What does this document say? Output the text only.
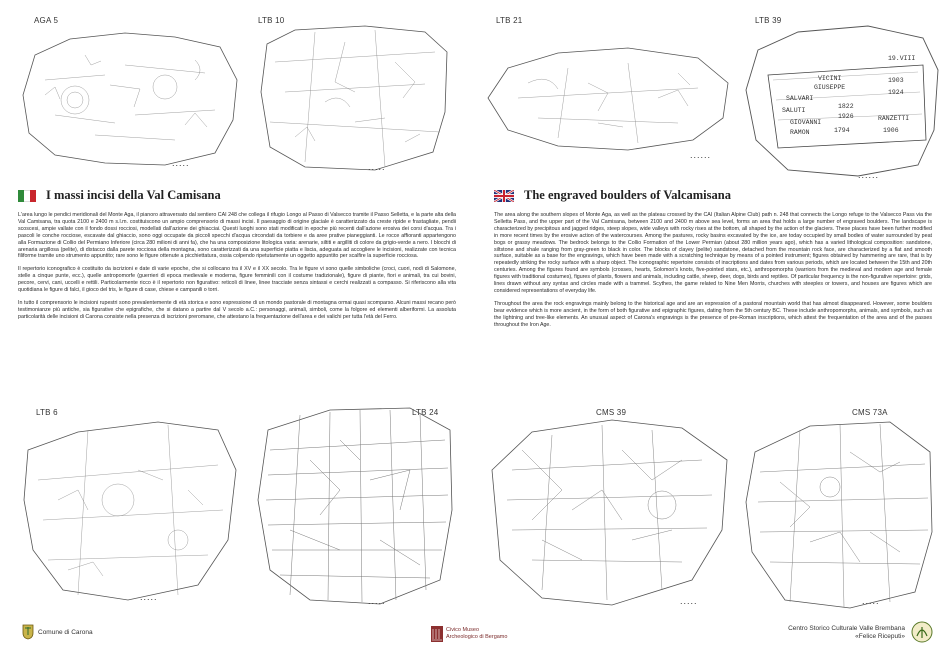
AGA 5
.....
LTB 10
.....
LTB 21
......
LTB 39
VICINI
GIUSEPPE
1903
1924
SALVARI
SALUTI
1822
1926
GIOVANNI
RAMON
RANZETTI
1906
1794
19.VIII
......
I massi incisi della Val Camisana	The engraved boulders of Valcamisana

L'area lungo le pendici meridionali del Monte Aga, il pianoro attraversato dal sentiero CAI 248 che collega il rifugio Longo al Passo di Valsecco tramite il Passo Selletta, e la parte alta della Val Camisana, tra quota 2100 e 2400 m s.l.m. costituiscono un ampio comprensorio di massi incisi. Il paesaggio di origine glaciale è caratterizzato da creste ripide e frastagliate, pendii scoscesi, ampie vallate con il fondo dossi rocciosi, modellati dall'azione dei ghiacciai. Questi luoghi sono stati modificati in epoche più recenti dall'azione erosiva dei corsi d'acqua. Tra i pascoli le conche rocciose, escavate dal ghiaccio, sono oggi occupate da piccoli specchi d'acqua circondati da torbiere e da aree prative pianeggianti. Le rocce affioranti appartengono alla Formazione di Collio del Permiano Inferiore (circa 280 milioni di anni fa), che ha una composizione litologica varia: arenarie, siltiti e argilliti di colore da grigio-verde a nero. I blocchi di arenaria argillosa (pelite), di distacco dalla parete rocciosa della montagna, sono caratterizzati da una superficie piatta e liscia, adeguata ad accogliere le incisioni, realizzate con tecnica filiforme tramite uno strumento appuntito; rare sono le figure ottenute a picchiettatura, ossia colpendo ripetutamente un oggetto appuntito per scalfire la superficie rocciosa.

Il repertorio iconografico è costituito da iscrizioni e date di varie epoche, che si collocano tra il XV e il XX secolo. Tra le figure vi sono quelle simboliche (croci, cuori, nodi di Salomone, stelle a cinque punte, ecc.), quelle antropomorfe (guerrieri di epoca medievale e moderna, figure femminili con il costume tradizionale), figure di piante, fiori e animali, tra cui bovini, pecore, cervi, cani, uccelli e rettili. Particolarmente ricco è il repertorio non figurativo: reticoli di linee, linee tracciate senza sintassi e cerchi realizzati a compasso. Si riferiscono alla vita quotidiana le figure di falci, il gioco del tris, le figure di case, chiese e campanili o torri.

In tutto il comprensorio le incisioni rupestri sono prevalentemente di età storica e sono espressione di un mondo pastorale di montagna ormai quasi scomparso. Alcuni massi recano però testimonianze più antiche, sia figurative che epigrafiche, che si datano a partire dal V secolo a.C.: personaggi, animali, simboli, come la folgore ed elementi alberiformi. La assoluta particolarità delle incisioni di Carona consiste nella presenza di iscrizioni preromane, che attestano la frequentazione dell'area e dei valichi per tutta l'età del Ferro.

The area along the southern slopes of Monte Aga, as well as the plateau crossed by the CAI (Italian Alpine Club) path n. 248 that connects the Longo refuge to the Valsecco Pass via the Selletta Pass, and the upper part of the Val Camisana, between 2100 and 2400 m above sea level, forms an area that holds a large number of engraved boulders. The landscape is characterized by precipitous and jagged ridges, steep slopes, wide valleys with rocky rises at the bottom, all shaped by the action of the glaciers. These places have been further modified in more recent times by the erosive action of the watercourses. Among the pastures, rocky basins excavated by the ice, are today occupied by small bodies of water surrounded by peat bogs or grassy meadows. The bedrock belongs to the Collio Formation of the Lower Permian (about 280 million years ago), which has a varied lithological composition: sandstone, siltstone and shale ranging from gray-green to black in color. The blocks of clayey (pelite) sandstone, detached from the mountain rock face, are characterized by a flat and smooth surface, suitable as a base for the engravings, which have been made with a scratching technique by means of a pointed instrument; figures obtained by hammering are rare, that is by repeatedly striking the rocky surface with a sharp object. The iconographic repertoire consists of inscriptions and dates from various periods, which are located between the 15th and 20th centuries. Among the figures found are symbols (crosses, hearts, Solomon's knots, five-pointed stars, etc.), anthropomorphs (warriors from the medieval and modern age and female figures with traditional costumes), figures of plants, flowers and animals, including cattle, sheep, deer, dogs, birds and reptiles. Of particular frequency is the non-figurative repertoire: grids, lines drawn without any syntax and circles made with a trammel. Scythes, the game related to Nine Men Morris, churches with steeples or towers, and houses are figures which are considered representations of everyday life.

Throughout the area the rock engravings mainly belong to the historical age and are an expression of a pastoral mountain world that has almost disappeared. However, some boulders bear evidence which is more ancient, in the form of both figurative and epigraphic figures, dating from the 5th century BC. These include anthropomorphs, animals, and symbols, such as the lightning and tree-like elements. An unusual aspect of Carona's engravings is the presence of pre-Roman inscriptions, which attest the frequentation of the area and of the passes throughout the Iron Age.

LTB 6
.....
LTB 24
.....
CMS 39
.....
CMS 73A
.....
Comune di Carona	Civico Museo
Archeologico di Bergamo
Centro Storico Culturale Valle Brembana
«Felice Riceputi»
